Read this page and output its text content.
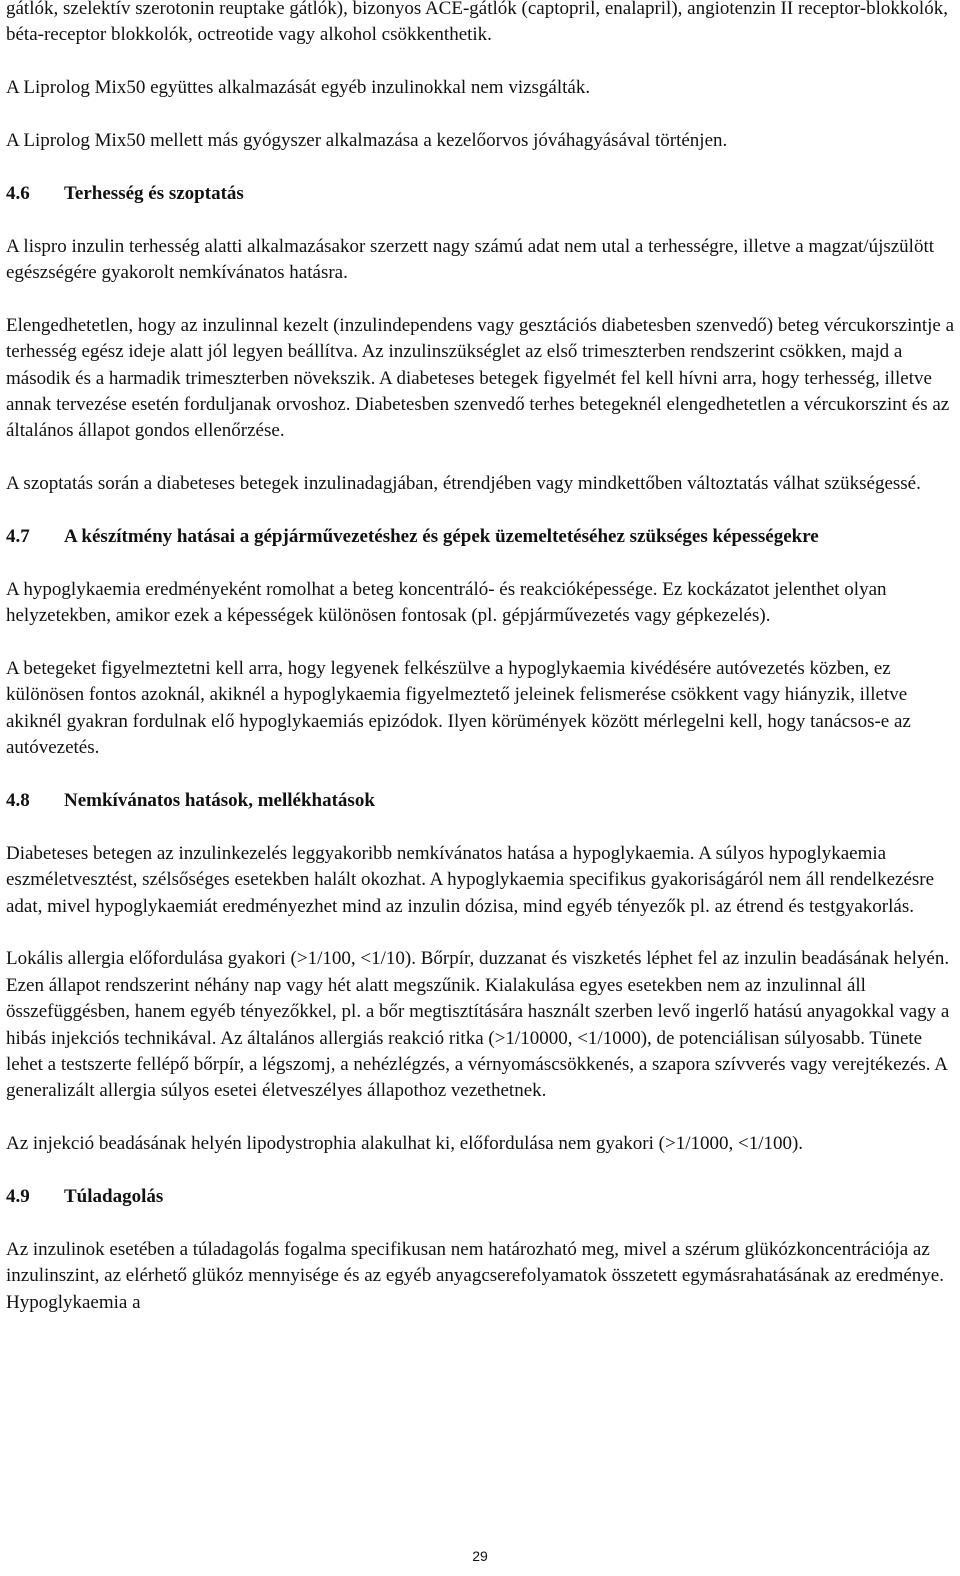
gátlók, szelektív szerotonin reuptake gátlók), bizonyos ACE-gátlók (captopril, enalapril), angiotenzin II receptor-blokkolók, béta-receptor blokkolók, octreotide vagy alkohol csökkenthetik.

A Liprolog Mix50 együttes alkalmazását egyéb inzulinokkal nem vizsgálták.

A Liprolog Mix50 mellett más gyógyszer alkalmazása a kezelőorvos jóváhagyásával történjen.

4.6	Terhesség és szoptatás

A lispro inzulin terhesség alatti alkalmazásakor szerzett nagy számú adat nem utal a terhességre, illetve a magzat/újszülött egészségére gyakorolt nemkívánatos hatásra.

Elengedhetetlen, hogy az inzulinnal kezelt (inzulindependens vagy gesztációs diabetesben szenvedő) beteg vércukorszintje a terhesség egész ideje alatt jól legyen beállítva. Az inzulinszükséglet az első trimeszterben rendszerint csökken, majd a második és a harmadik trimeszterben növekszik. A diabeteses betegek figyelmét fel kell hívni arra, hogy terhesség, illetve annak tervezése esetén forduljanak orvoshoz. Diabetesben szenvedő terhes betegeknél elengedhetetlen a vércukorszint és az általános állapot gondos ellenőrzése.

A szoptatás során a diabeteses betegek inzulinadagjában, étrendjében vagy mindkettőben változtatás válhat szükségessé.

4.7	A készítmény hatásai a gépjárművezetéshez és gépek üzemeltetéséhez szükséges képességekre

A hypoglykaemia eredményeként romolhat a beteg koncentráló- és reakcióképessége. Ez kockázatot jelenthet olyan helyzetekben, amikor ezek a képességek különösen fontosak (pl. gépjárművezetés vagy gépkezelés).

A betegeket figyelmeztetni kell arra, hogy legyenek felkészülve a hypoglykaemia kivédésére autóvezetés közben, ez különösen fontos azoknál, akiknél a hypoglykaemia figyelmeztető jeleinek felismerése csökkent vagy hiányzik, illetve akiknél gyakran fordulnak elő hypoglykaemiás epizódok. Ilyen körümények között mérlegelni kell, hogy tanácsos-e az autóvezetés.

4.8	Nemkívánatos hatások, mellékhatások

Diabeteses betegen az inzulinkezelés leggyakoribb nemkívánatos hatása a hypoglykaemia. A súlyos hypoglykaemia eszméletvesztést, szélsőséges esetekben halált okozhat. A hypoglykaemia specifikus gyakoriságáról nem áll rendelkezésre adat, mivel hypoglykaemiát eredményezhet mind az inzulin dózisa, mind egyéb tényezők pl. az étrend és testgyakorlás.

Lokális allergia előfordulása gyakori (>1/100, <1/10). Bőrpír, duzzanat és viszketés léphet fel az inzulin beadásának helyén. Ezen állapot rendszerint néhány nap vagy hét alatt megszűnik. Kialakulása egyes esetekben nem az inzulinnal áll összefüggésben, hanem egyéb tényezőkkel, pl. a bőr megtisztítására használt szerben levő ingerlő hatású anyagokkal vagy a hibás injekciós technikával. Az általános allergiás reakció ritka (>1/10000, <1/1000), de potenciálisan súlyosabb. Tünete lehet a testszerte fellépő bőrpír, a légszomj, a nehézlégzés, a vérnyomáscsökkenés, a szapora szívverés vagy verejtékezés. A generalizált allergia súlyos esetei életveszélyes állapothoz vezethetnek.

Az injekció beadásának helyén lipodystrophia alakulhat ki, előfordulása nem gyakori (>1/1000, <1/100).

4.9	Túladagolás

Az inzulinok esetében a túladagolás fogalma specifikusan nem határozható meg, mivel a szérum glükózkoncentrációja az inzulinszint, az elérhető glükóz mennyisége és az egyéb anyagcserefolyamatok összetett egymásrahatásának az eredménye. Hypoglykaemia a

29
